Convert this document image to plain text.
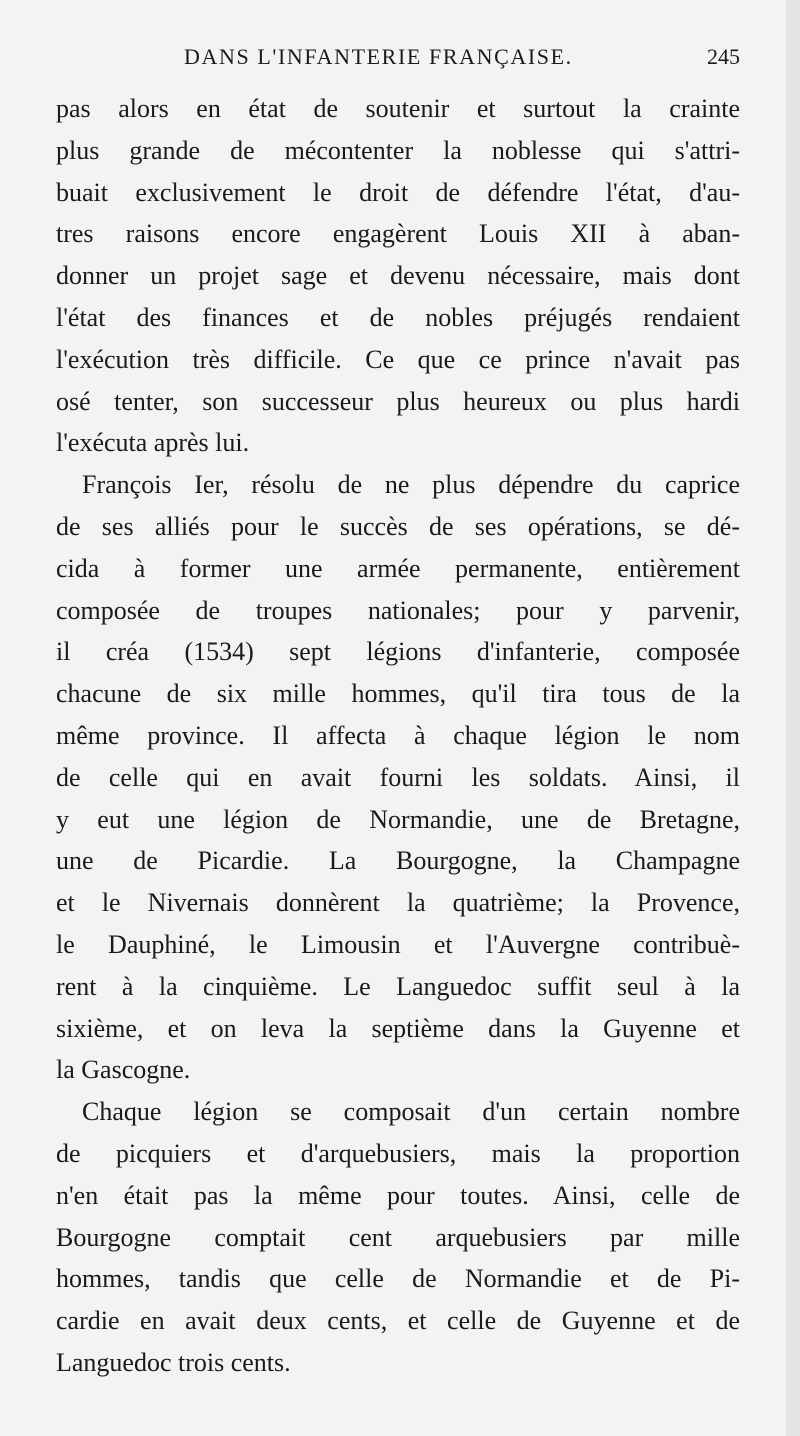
DANS L'INFANTERIE FRANÇAISE.	245
pas alors en état de soutenir et surtout la crainte
plus grande de mécontenter la noblesse qui s'attri-
buait exclusivement le droit de défendre l'état, d'au-
tres raisons encore engagèrent Louis XII à aban-
donner un projet sage et devenu nécessaire, mais dont
l'état des finances et de nobles préjugés rendaient
l'exécution très difficile. Ce que ce prince n'avait pas
osé tenter, son successeur plus heureux ou plus hardi
l'exécuta après lui.
François Ier, résolu de ne plus dépendre du caprice
de ses alliés pour le succès de ses opérations, se dé-
cida à former une armée permanente, entièrement
composée de troupes nationales; pour y parvenir,
il créa (1534) sept légions d'infanterie, composée
chacune de six mille hommes, qu'il tira tous de la
même province. Il affecta à chaque légion le nom
de celle qui en avait fourni les soldats. Ainsi, il
y eut une légion de Normandie, une de Bretagne,
une de Picardie. La Bourgogne, la Champagne
et le Nivernais donnèrent la quatrième; la Provence,
le Dauphiné, le Limousin et l'Auvergne contribuè-
rent à la cinquième. Le Languedoc suffit seul à la
sixième, et on leva la septième dans la Guyenne et
la Gascogne.
Chaque légion se composait d'un certain nombre
de picquiers et d'arquebusiers, mais la proportion
n'en était pas la même pour toutes. Ainsi, celle de
Bourgogne comptait cent arquebusiers par mille
hommes, tandis que celle de Normandie et de Pi-
cardie en avait deux cents, et celle de Guyenne et de
Languedoc trois cents.
